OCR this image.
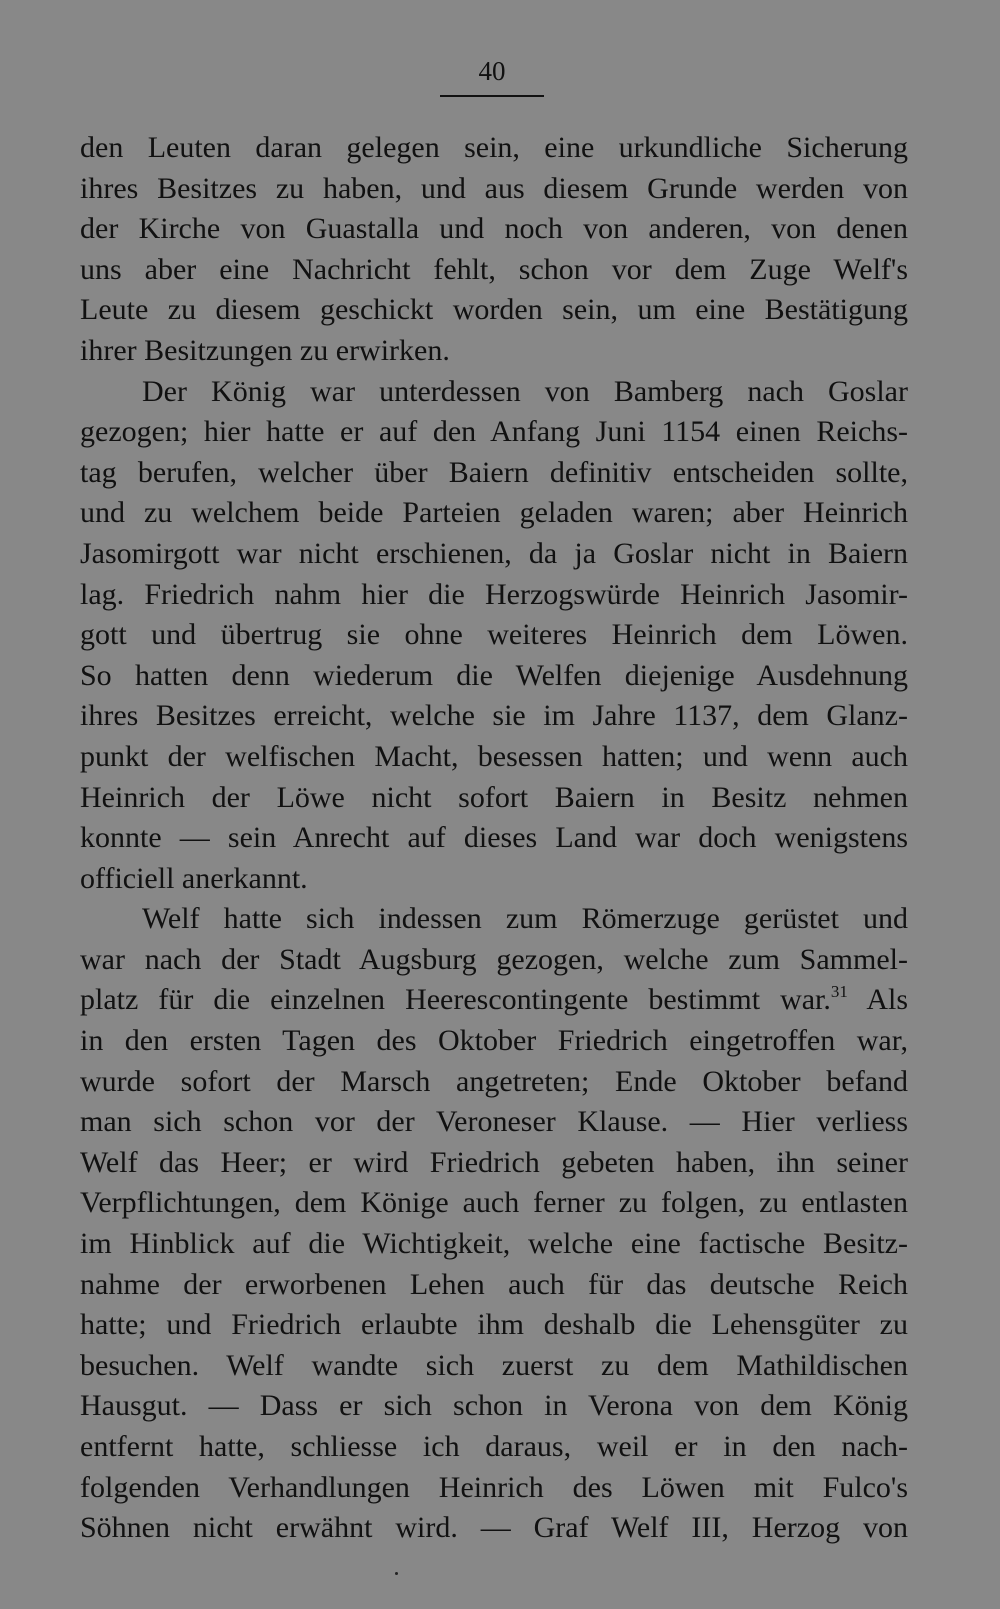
40
den Leuten daran gelegen sein, eine urkundliche Sicherung
ihres Besitzes zu haben, und aus diesem Grunde werden von
der Kirche von Guastalla und noch von anderen, von denen
uns aber eine Nachricht fehlt, schon vor dem Zuge Welf's
Leute zu diesem geschickt worden sein, um eine Bestätigung
ihrer Besitzungen zu erwirken.
Der König war unterdessen von Bamberg nach Goslar
gezogen; hier hatte er auf den Anfang Juni 1154 einen Reichs-
tag berufen, welcher über Baiern definitiv entscheiden sollte,
und zu welchem beide Parteien geladen waren; aber Heinrich
Jasomirgott war nicht erschienen, da ja Goslar nicht in Baiern
lag. Friedrich nahm hier die Herzogswürde Heinrich Jasomir-
gott und übertrug sie ohne weiteres Heinrich dem Löwen.
So hatten denn wiederum die Welfen diejenige Ausdehnung
ihres Besitzes erreicht, welche sie im Jahre 1137, dem Glanz-
punkt der welfischen Macht, besessen hatten; und wenn auch
Heinrich der Löwe nicht sofort Baiern in Besitz nehmen
konnte — sein Anrecht auf dieses Land war doch wenigstens
officiell anerkannt.
Welf hatte sich indessen zum Römerzuge gerüstet und
war nach der Stadt Augsburg gezogen, welche zum Sammel-
platz für die einzelnen Heerescontingente bestimmt war.$^{31}$ Als
in den ersten Tagen des Oktober Friedrich eingetroffen war,
wurde sofort der Marsch angetreten; Ende Oktober befand
man sich schon vor der Veroneser Klause. — Hier verliess
Welf das Heer; er wird Friedrich gebeten haben, ihn seiner
Verpflichtungen, dem Könige auch ferner zu folgen, zu entlasten
im Hinblick auf die Wichtigkeit, welche eine factische Besitz-
nahme der erworbenen Lehen auch für das deutsche Reich
hatte; und Friedrich erlaubte ihm deshalb die Lehensgüter zu
besuchen. Welf wandte sich zuerst zu dem Mathildischen
Hausgut. — Dass er sich schon in Verona von dem König
entfernt hatte, schliesse ich daraus, weil er in den nach-
folgenden Verhandlungen Heinrich des Löwen mit Fulco's
Söhnen nicht erwähnt wird. — Graf Welf III, Herzog von
